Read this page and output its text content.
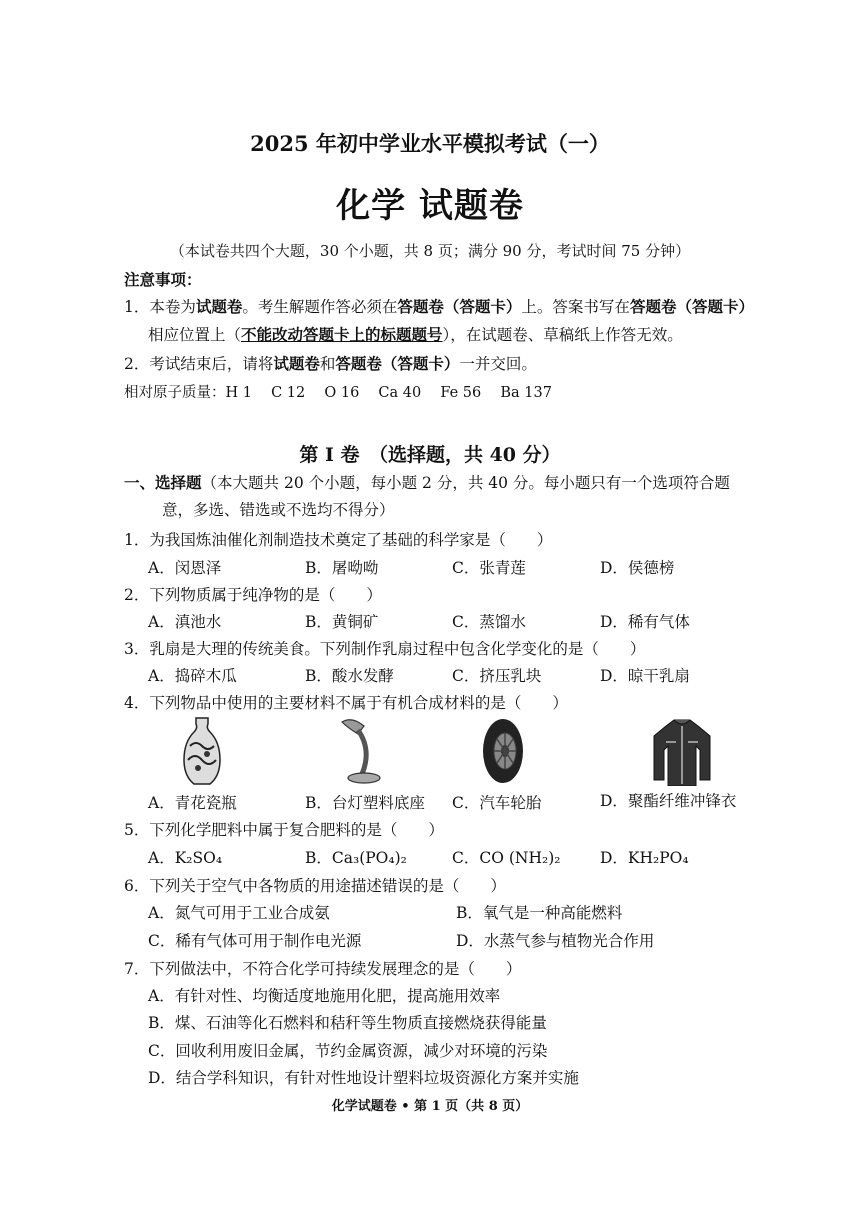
2025 年初中学业水平模拟考试（一）
化学 试题卷
（本试卷共四个大题，30 个小题，共 8 页；满分 90 分，考试时间 75 分钟）
注意事项：
1．本卷为试题卷。考生解题作答必须在答题卷（答题卡）上。答案书写在答题卷（答题卡）
相应位置上（不能改动答题卡上的标题题号），在试题卷、草稿纸上作答无效。
2．考试结束后，请将试题卷和答题卷（答题卡）一并交回。
相对原子质量：H 1　 C 12　 O 16　 Ca 40　 Fe 56　 Ba 137
第 I 卷　（选择题，共 40 分）
一、选择题（本大题共 20 个小题，每小题 2 分，共 40 分。每小题只有一个选项符合题
意，多选、错选或不选均不得分）
1．为我国炼油催化剂制造技术奠定了基础的科学家是（　　）
A．闵恩泽	B．屠呦呦	C．张青莲	D．侯德榜
2．下列物质属于纯净物的是（　　）
A．滇池水	B．黄铜矿	C．蒸馏水	D．稀有气体
3．乳扇是大理的传统美食。下列制作乳扇过程中包含化学变化的是（　　）
A．捣碎木瓜	B．酸水发酵	C．挤压乳块	D．晾干乳扇
4．下列物品中使用的主要材料不属于有机合成材料的是（　　）
A．青花瓷瓶	B．台灯塑料底座 C．汽车轮胎	D．聚酯纤维冲锋衣
5．下列化学肥料中属于复合肥料的是（　　）
A．K₂SO₄	B．Ca₃(PO₄)₂	C．CO (NH₂)₂	D．KH₂PO₄
6．下列关于空气中各物质的用途描述错误的是（　　）
A．氮气可用于工业合成氨	B．氧气是一种高能燃料
C．稀有气体可用于制作电光源	D．水蒸气参与植物光合作用
7．下列做法中，不符合化学可持续发展理念的是（　　）
A．有针对性、均衡适度地施用化肥，提高施用效率
B．煤、石油等化石燃料和秸秆等生物质直接燃烧获得能量
C．回收利用废旧金属，节约金属资源，减少对环境的污染
D．结合学科知识，有针对性地设计塑料垃圾资源化方案并实施
化学试题卷 • 第 1 页（共 8 页）
